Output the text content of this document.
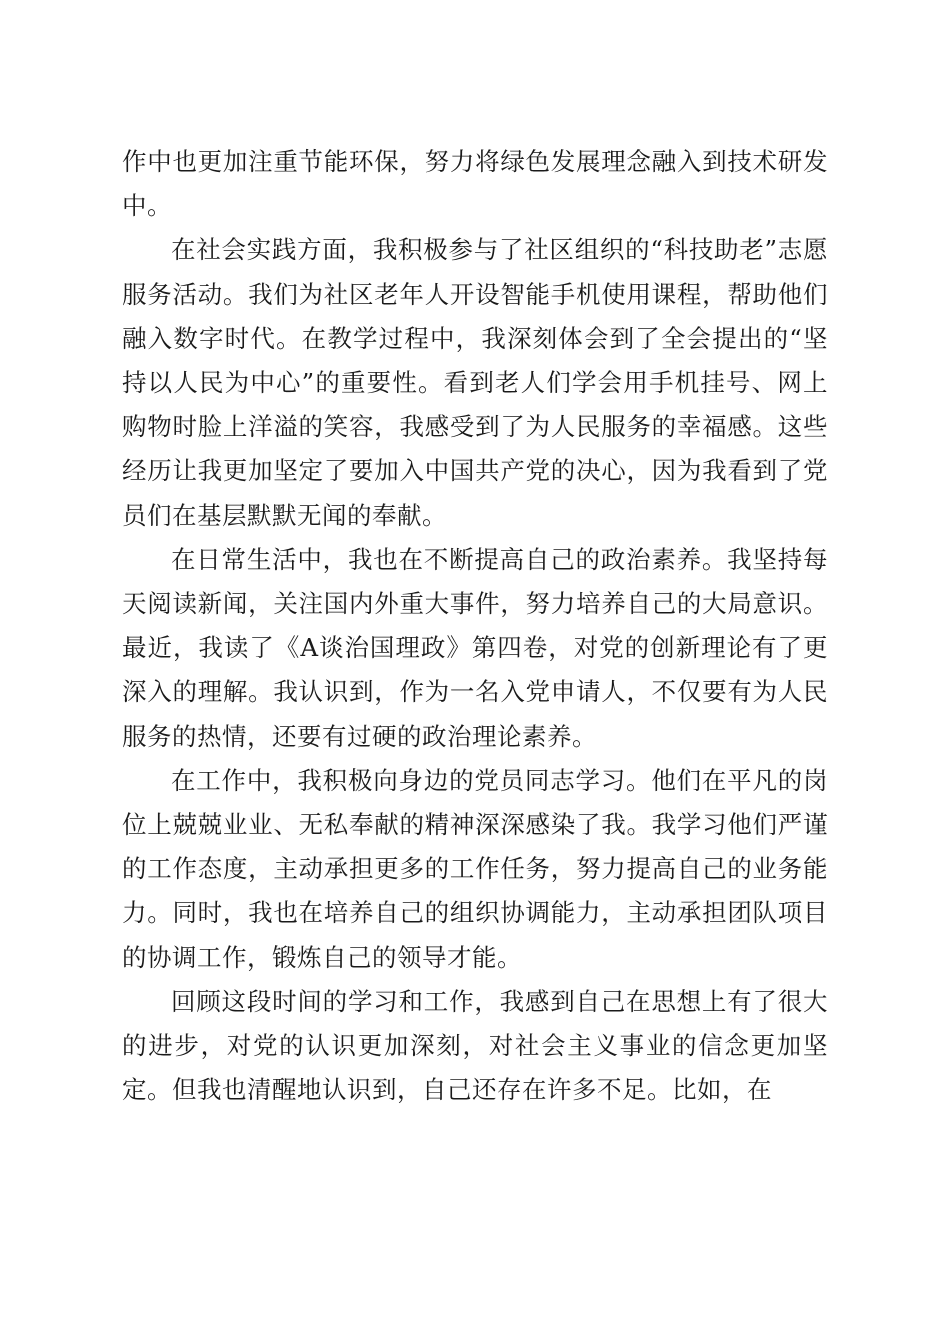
作中也更加注重节能环保，努力将绿色发展理念融入到技术研发中。

在社会实践方面，我积极参与了社区组织的“科技助老”志愿服务活动。我们为社区老年人开设智能手机使用课程，帮助他们融入数字时代。在教学过程中，我深刻体会到了全会提出的“坚持以人民为中心”的重要性。看到老人们学会用手机挂号、网上购物时脸上洋溢的笑容，我感受到了为人民服务的幸福感。这些经历让我更加坚定了要加入中国共产党的决心，因为我看到了党员们在基层默默无闻的奉献。

在日常生活中，我也在不断提高自己的政治素养。我坚持每天阅读新闻，关注国内外重大事件，努力培养自己的大局意识。最近，我读了《A谈治国理政》第四卷，对党的创新理论有了更深入的理解。我认识到，作为一名入党申请人，不仅要有为人民服务的热情，还要有过硬的政治理论素养。

在工作中，我积极向身边的党员同志学习。他们在平凡的岗位上兢兢业业、无私奉献的精神深深感染了我。我学习他们严谨的工作态度，主动承担更多的工作任务，努力提高自己的业务能力。同时，我也在培养自己的组织协调能力，主动承担团队项目的协调工作，锻炼自己的领导才能。

回顾这段时间的学习和工作，我感到自己在思想上有了很大的进步，对党的认识更加深刻，对社会主义事业的信念更加坚定。但我也清醒地认识到，自己还存在许多不足。比如，在
